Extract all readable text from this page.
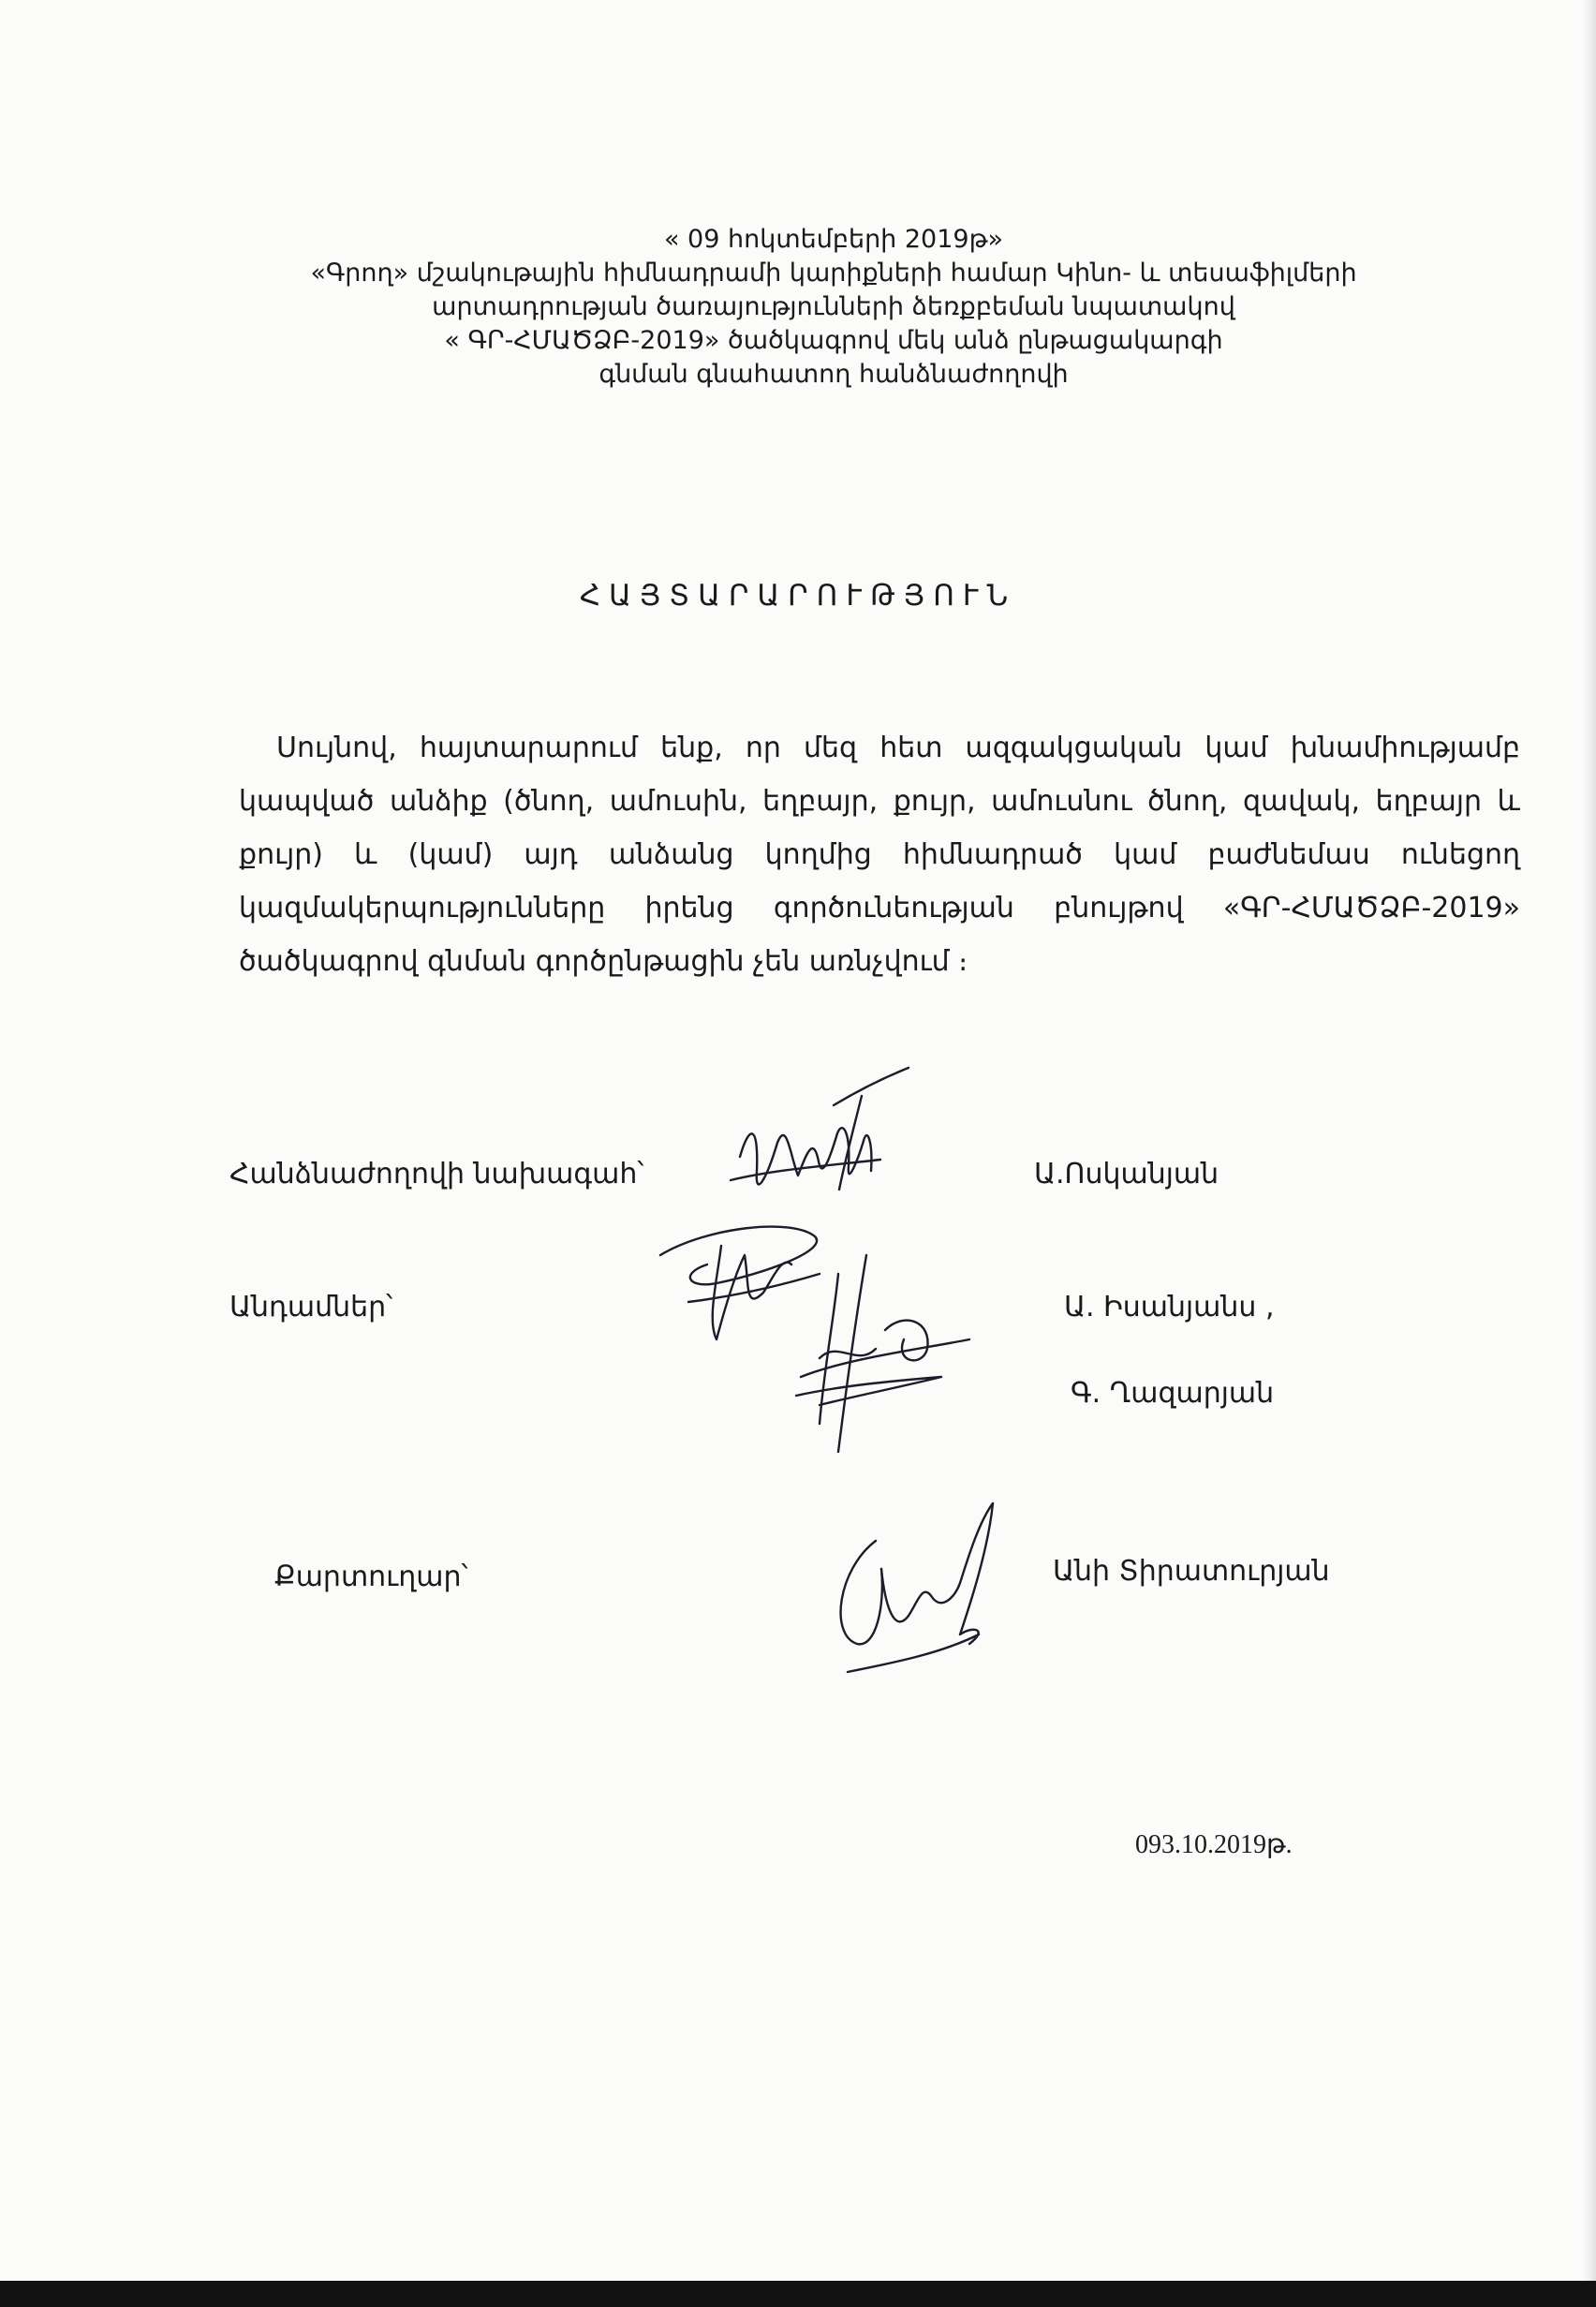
« 09 հոկտեմբերի 2019թ»
«Գրող» մշակութային հիմնադրամի կարիքների համար Կինո- և տեսաֆիլմերի
արտադրության ծառայությունների ձեռքբեման նպատակով
« ԳՐ-ՀՄԱԾՁԲ-2019» ծածկագրով մեկ անձ ընթացակարգի
գնման գնահատող հանձնաժողովի
ՀԱՅՏԱՐԱՐՈՒԹՅՈՒՆ
Սույնով, հայտարարում ենք, որ մեզ հետ ազգակցական կամ խնամիությամբ կապված անձիք (ծնող, ամուսին, եղբայր, քույր, ամուսնու ծնող, զավակ, եղբայր և քույր) և (կամ) այդ անձանց կողմից հիմնադրած կամ բաժնեմաս ունեցող կազմակերպությունները իրենց գործունեության բնույթով «ԳՐ-ՀՄԱԾՁԲ-2019» ծածկագրով գնման գործընթացին չեն առնչվում ։
Հանձնաժողովի նախագահ՝	Ա.Ոսկանյան
Անդամներ՝	Ա. Իսանյանս ,
Գ. Ղազարյան
Քարտուղար՝	Անի Տիրատուրյան
093.10.2019թ.
